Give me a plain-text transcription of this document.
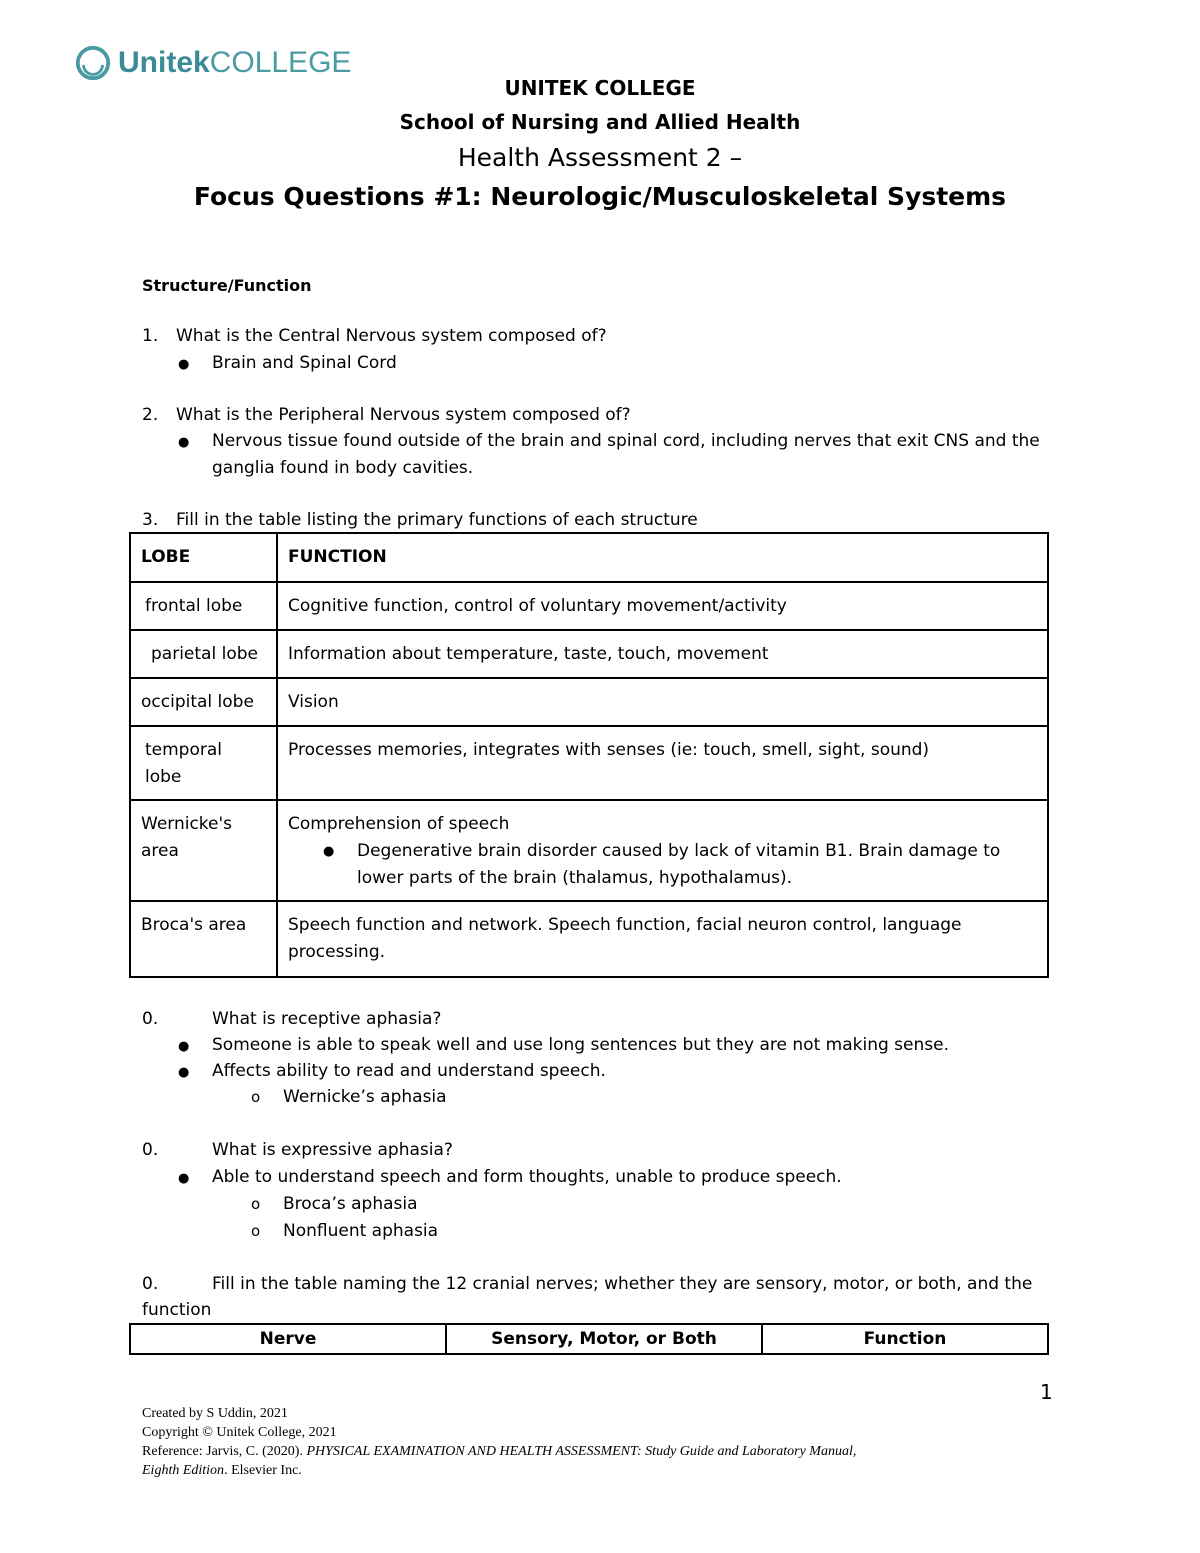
UnitekCOLLEGE
UNITEK COLLEGE
School of Nursing and Allied Health
Health Assessment 2 –
Focus Questions #1: Neurologic/Musculoskeletal Systems
Structure/Function
1. What is the Central Nervous system composed of?
● Brain and Spinal Cord
2. What is the Peripheral Nervous system composed of?
● Nervous tissue found outside of the brain and spinal cord, including nerves that exit CNS and the
ganglia found in body cavities.
3. Fill in the table listing the primary functions of each structure
LOBE	FUNCTION
frontal lobe	Cognitive function, control of voluntary movement/activity
parietal lobe	Information about temperature, taste, touch, movement
occipital lobe	Vision
temporal lobe	Processes memories, integrates with senses (ie: touch, smell, sight, sound)
Wernicke's area	Comprehension of speech
● Degenerative brain disorder caused by lack of vitamin B1. Brain damage to lower parts of the brain (thalamus, hypothalamus).

Broca's area	Speech function and network. Speech function, facial neuron control, language processing.
0.	What is receptive aphasia?
● Someone is able to speak well and use long sentences but they are not making sense.
● Affects ability to read and understand speech.
o Wernicke’s aphasia
0.	What is expressive aphasia?
● Able to understand speech and form thoughts, unable to produce speech.
o Broca’s aphasia
o Nonfluent aphasia
0.	Fill in the table naming the 12 cranial nerves; whether they are sensory, motor, or both, and the
function
Nerve	Sensory, Motor, or Both	Function
1
Created by S Uddin, 2021
Copyright © Unitek College, 2021
Reference: Jarvis, C. (2020). PHYSICAL EXAMINATION AND HEALTH ASSESSMENT: Study Guide and Laboratory Manual,
Eighth Edition. Elsevier Inc.
